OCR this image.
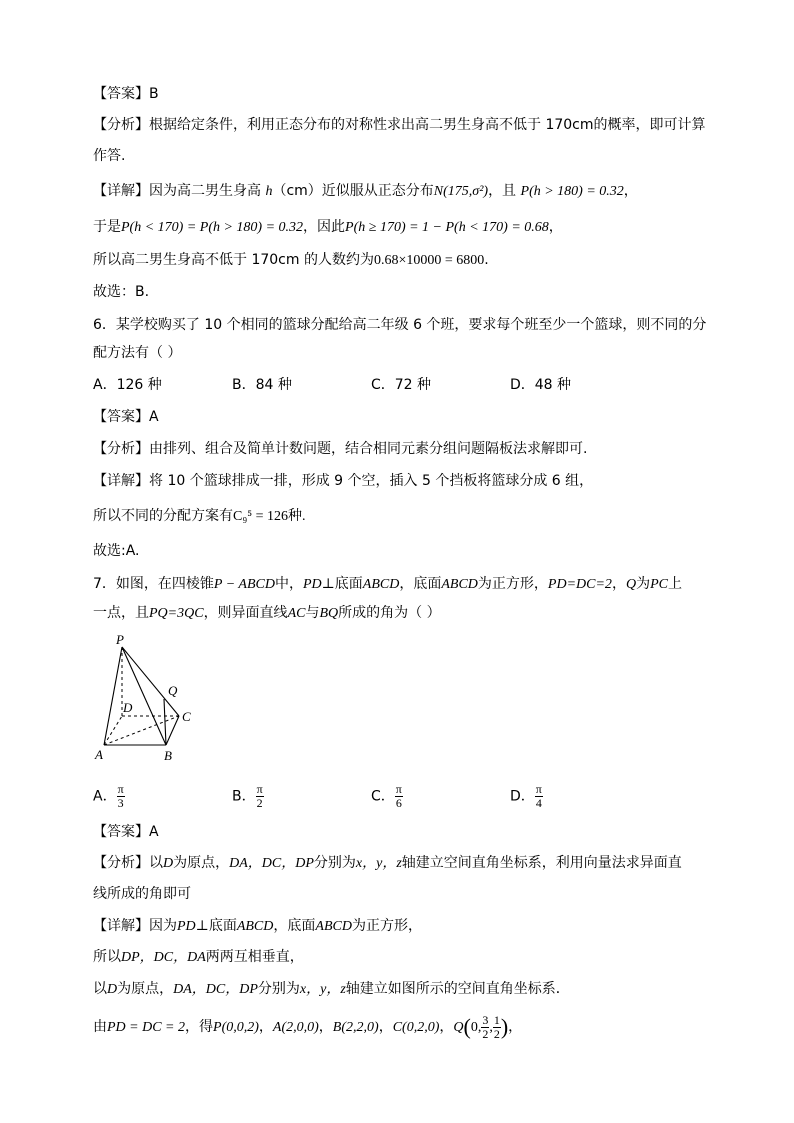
【答案】B
【分析】根据给定条件，利用正态分布的对称性求出高二男生身高不低于 170cm的概率，即可计算
作答.
【详解】因为高二男生身高 h（cm）近似服从正态分布N(175,σ²)，且 P(h > 180) = 0.32，
于是P(h < 170) = P(h > 180) = 0.32，因此P(h ≥ 170) = 1 − P(h < 170) = 0.68，
所以高二男生身高不低于 170cm 的人数约为0.68×10000 = 6800.
故选：B.
6．某学校购买了 10 个相同的篮球分配给高二年级 6 个班，要求每个班至少一个篮球，则不同的分
配方法有（ ）
A．126 种	B．84 种	C．72 种	D．48 种
【答案】A
【分析】由排列、组合及简单计数问题，结合相同元素分组问题隔板法求解即可.
【详解】将 10 个篮球排成一排，形成 9 个空，插入 5 个挡板将篮球分成 6 组，
所以不同的分配方案有C₉⁵ = 126种.
故选:A.
7．如图，在四棱锥P − ABCD中，PD⊥底面ABCD，底面ABCD为正方形，PD=DC=2，Q为PC上
一点，且PQ=3QC，则异面直线AC与BQ所成的角为（ ）
P
Q
D
C
A	B
A． $\frac{\pi}{3}$	B． $\frac{\pi}{2}$	C． $\frac{\pi}{6}$	D． $\frac{\pi}{4}$
【答案】A
【分析】以D为原点，DA，DC，DP分别为x，y，z轴建立空间直角坐标系，利用向量法求异面直
线所成的角即可
【详解】因为PD⊥底面ABCD，底面ABCD为正方形，
所以DP，DC，DA两两互相垂直，
以D为原点，DA，DC，DP分别为x，y，z轴建立如图所示的空间直角坐标系．
由PD = DC = 2，得P(0,0,2)，A(2,0,0)，B(2,2,0)，C(0,2,0)，Q(0, $\frac{3}{2}$ , $\frac{1}{2}$ )，
